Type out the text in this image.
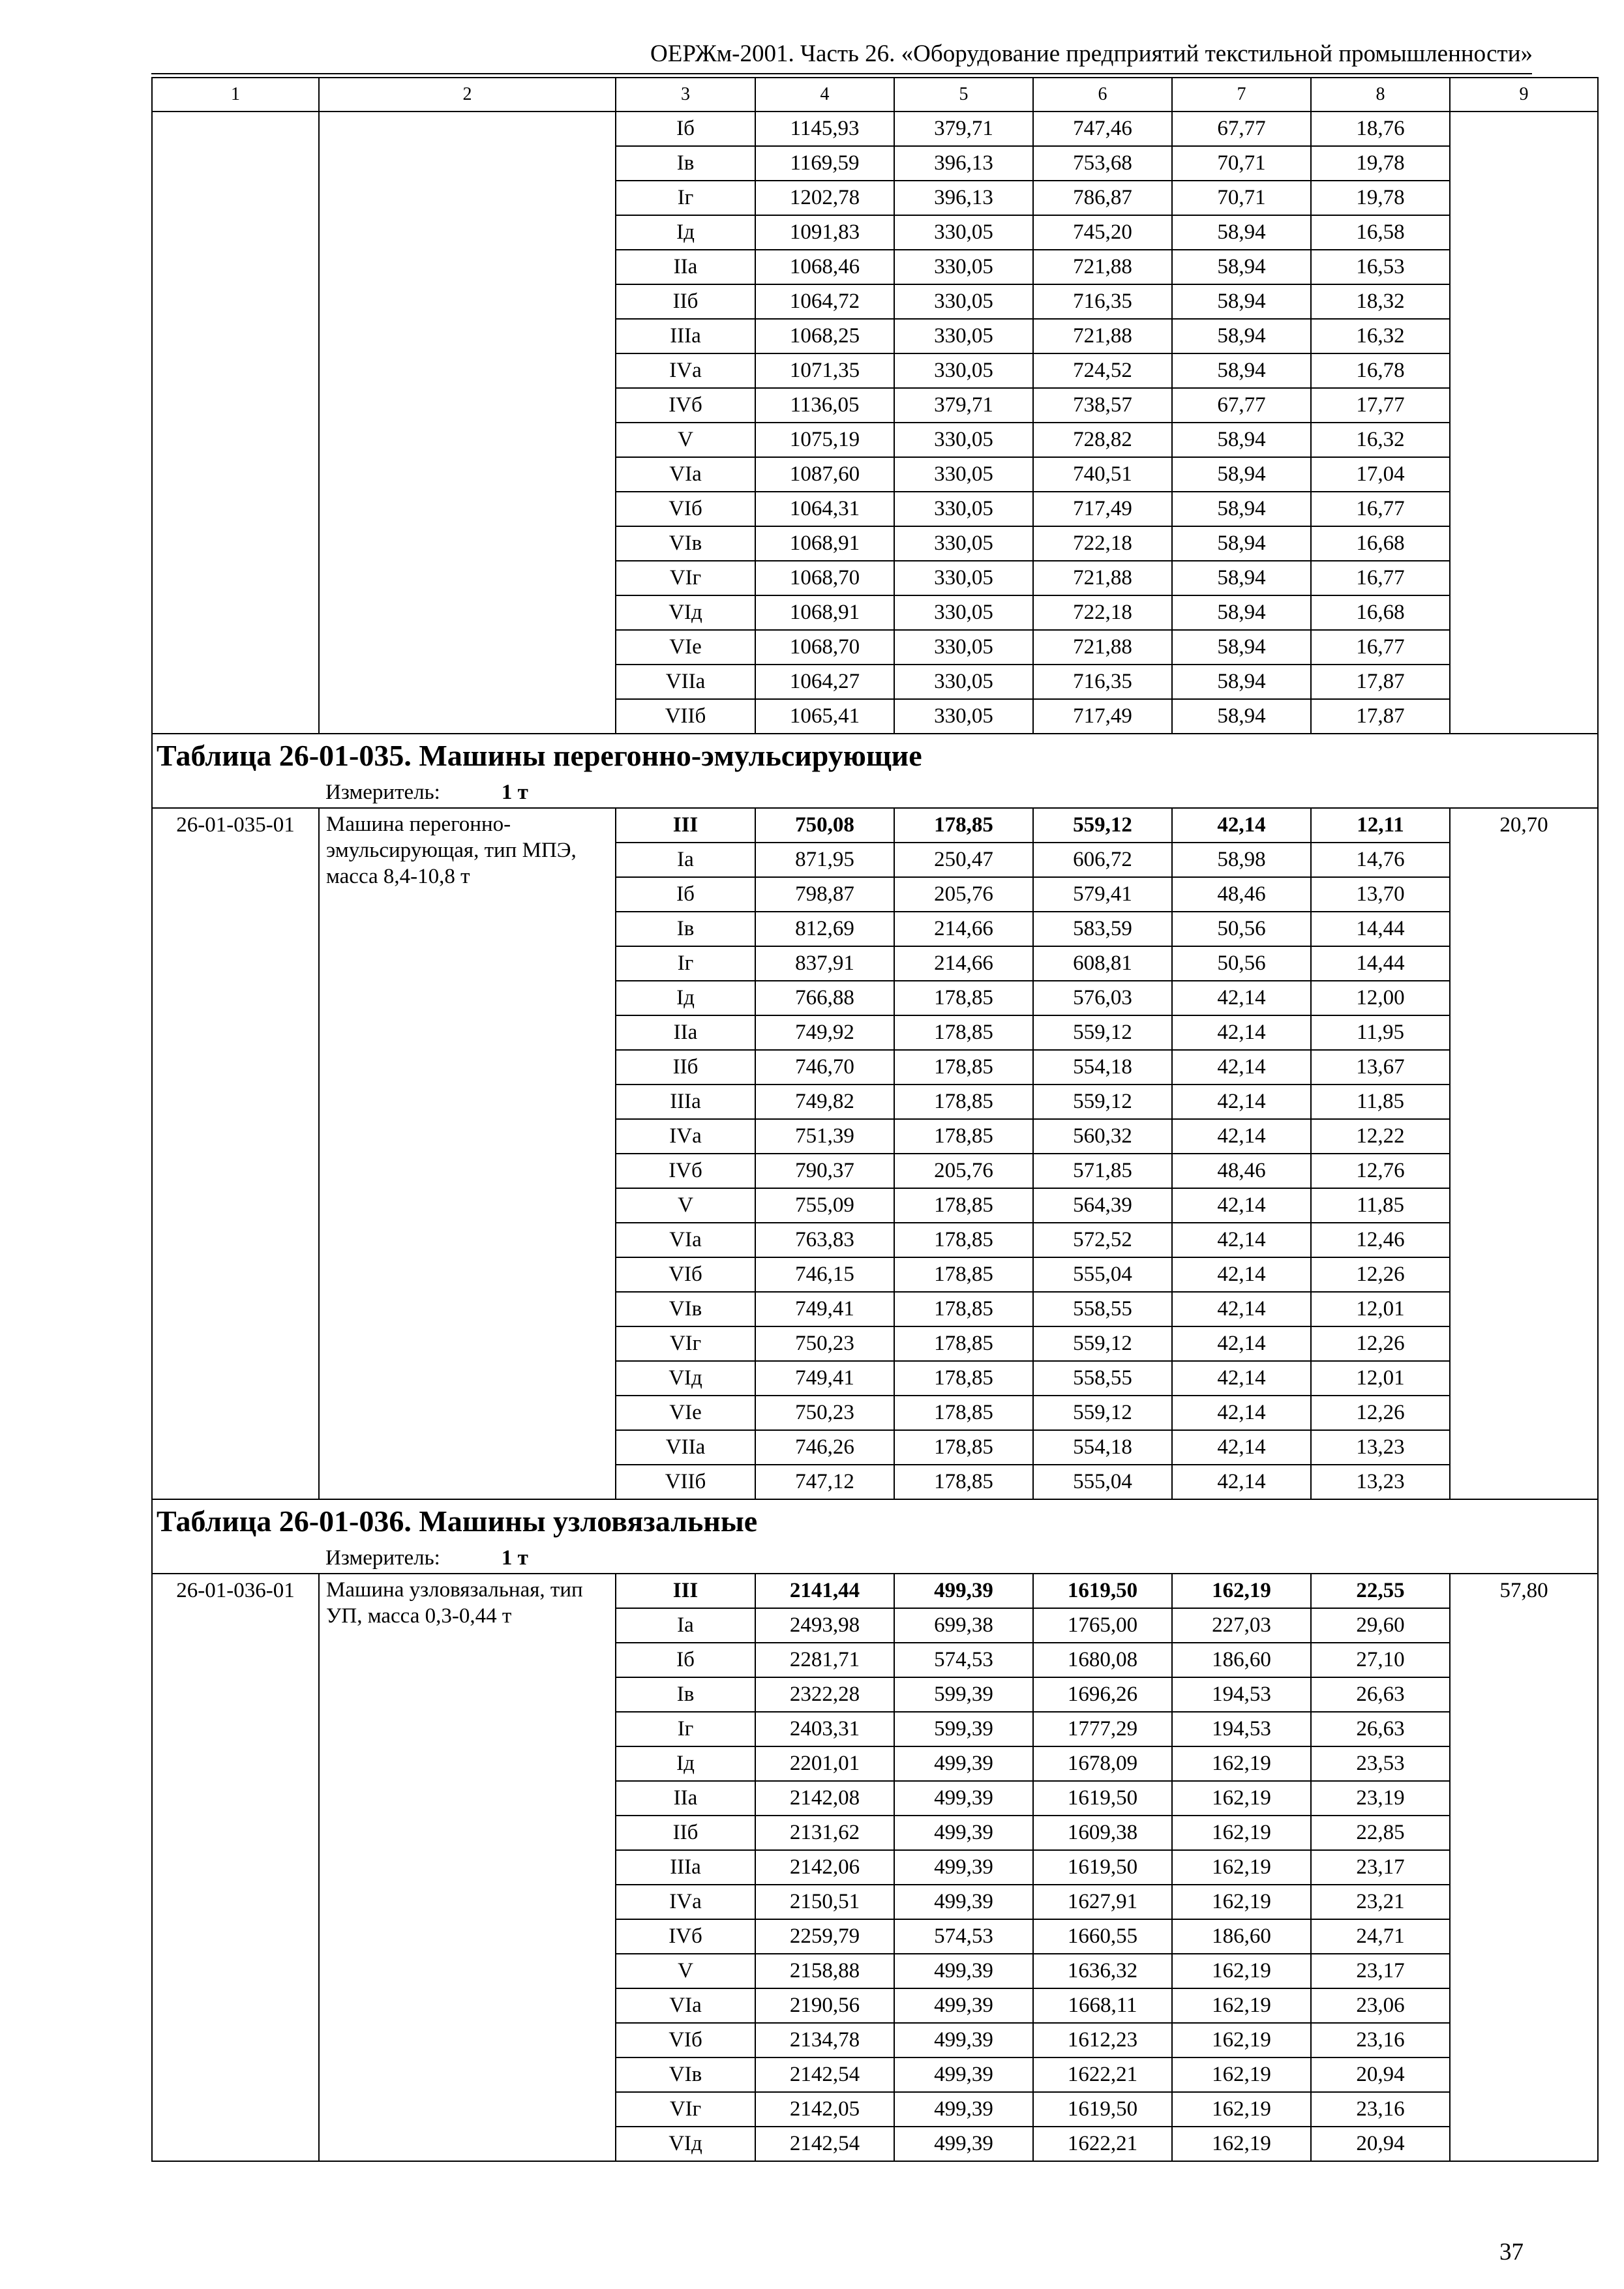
ОЕРЖм-2001. Часть 26. «Оборудование предприятий текстильной промышленности»
1	2	3	4	5	6	7	8	9
		Iб	1145,93	379,71	747,46	67,77	18,76	
		Iв	1169,59	396,13	753,68	70,71	19,78	
		Iг	1202,78	396,13	786,87	70,71	19,78	
		Iд	1091,83	330,05	745,20	58,94	16,58	
		IIа	1068,46	330,05	721,88	58,94	16,53	
		IIб	1064,72	330,05	716,35	58,94	18,32	
		IIIа	1068,25	330,05	721,88	58,94	16,32	
		IVа	1071,35	330,05	724,52	58,94	16,78	
		IVб	1136,05	379,71	738,57	67,77	17,77	
		V	1075,19	330,05	728,82	58,94	16,32	
		VIа	1087,60	330,05	740,51	58,94	17,04	
		VIб	1064,31	330,05	717,49	58,94	16,77	
		VIв	1068,91	330,05	722,18	58,94	16,68	
		VIг	1068,70	330,05	721,88	58,94	16,77	
		VIд	1068,91	330,05	722,18	58,94	16,68	
		VIе	1068,70	330,05	721,88	58,94	16,77	
		VIIа	1064,27	330,05	716,35	58,94	17,87	
		VIIб	1065,41	330,05	717,49	58,94	17,87	
Таблица 26-01-035. Машины перегонно-эмульсирующие								
Измеритель: 1 т								
26-01-035-01	Машина перегонно-эмульсирующая, тип МПЭ, масса 8,4-10,8 т	III	750,08	178,85	559,12	42,14	12,11	20,70
		Iа	871,95	250,47	606,72	58,98	14,76	
		Iб	798,87	205,76	579,41	48,46	13,70	
		Iв	812,69	214,66	583,59	50,56	14,44	
		Iг	837,91	214,66	608,81	50,56	14,44	
		Iд	766,88	178,85	576,03	42,14	12,00	
		IIа	749,92	178,85	559,12	42,14	11,95	
		IIб	746,70	178,85	554,18	42,14	13,67	
		IIIа	749,82	178,85	559,12	42,14	11,85	
		IVа	751,39	178,85	560,32	42,14	12,22	
		IVб	790,37	205,76	571,85	48,46	12,76	
		V	755,09	178,85	564,39	42,14	11,85	
		VIа	763,83	178,85	572,52	42,14	12,46	
		VIб	746,15	178,85	555,04	42,14	12,26	
		VIв	749,41	178,85	558,55	42,14	12,01	
		VIг	750,23	178,85	559,12	42,14	12,26	
		VIд	749,41	178,85	558,55	42,14	12,01	
		VIе	750,23	178,85	559,12	42,14	12,26	
		VIIа	746,26	178,85	554,18	42,14	13,23	
		VIIб	747,12	178,85	555,04	42,14	13,23	
Таблица 26-01-036. Машины узловязальные								
Измеритель: 1 т								
26-01-036-01	Машина узловязальная, тип УП, масса 0,3-0,44 т	III	2141,44	499,39	1619,50	162,19	22,55	57,80
		Iа	2493,98	699,38	1765,00	227,03	29,60	
		Iб	2281,71	574,53	1680,08	186,60	27,10	
		Iв	2322,28	599,39	1696,26	194,53	26,63	
		Iг	2403,31	599,39	1777,29	194,53	26,63	
		Iд	2201,01	499,39	1678,09	162,19	23,53	
		IIа	2142,08	499,39	1619,50	162,19	23,19	
		IIб	2131,62	499,39	1609,38	162,19	22,85	
		IIIа	2142,06	499,39	1619,50	162,19	23,17	
		IVа	2150,51	499,39	1627,91	162,19	23,21	
		IVб	2259,79	574,53	1660,55	186,60	24,71	
		V	2158,88	499,39	1636,32	162,19	23,17	
		VIа	2190,56	499,39	1668,11	162,19	23,06	
		VIб	2134,78	499,39	1612,23	162,19	23,16	
		VIв	2142,54	499,39	1622,21	162,19	20,94	
		VIг	2142,05	499,39	1619,50	162,19	23,16	
		VIд	2142,54	499,39	1622,21	162,19	20,94	
37
